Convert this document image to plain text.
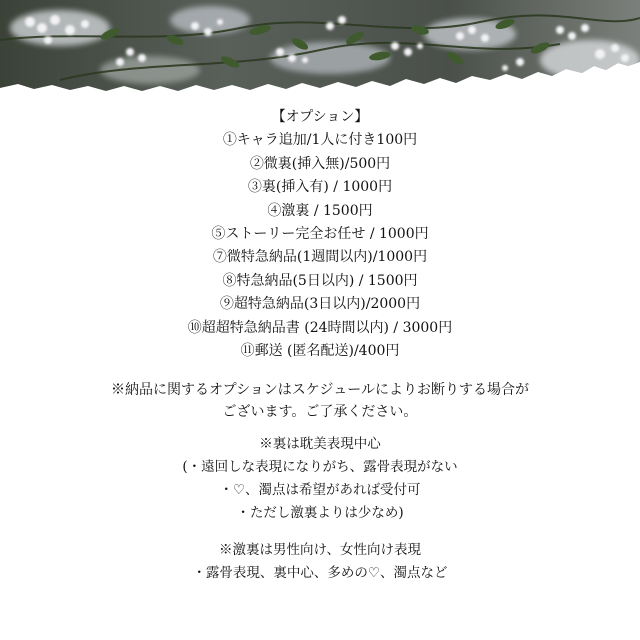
【オプション】
①キャラ追加/1人に付き100円
②微裏(挿入無)/500円
③裏(挿入有) / 1000円
④激裏 / 1500円
⑤ストーリー完全お任せ / 1000円
⑦微特急納品(1週間以内)/1000円
⑧特急納品(5日以内) / 1500円
⑨超特急納品(3日以内)/2000円
⑩超超特急納品書 (24時間以内) / 3000円
⑪郵送 (匿名配送)/400円
※納品に関するオプションはスケジュールによりお断りする場合が
ございます。ご了承ください。
※裏は耽美表現中心
(・遠回しな表現になりがち、露骨表現がない
・♡、濁点は希望があれば受付可
・ただし激裏よりは少なめ)
※激裏は男性向け、女性向け表現
・露骨表現、裏中心、多めの♡、濁点など
